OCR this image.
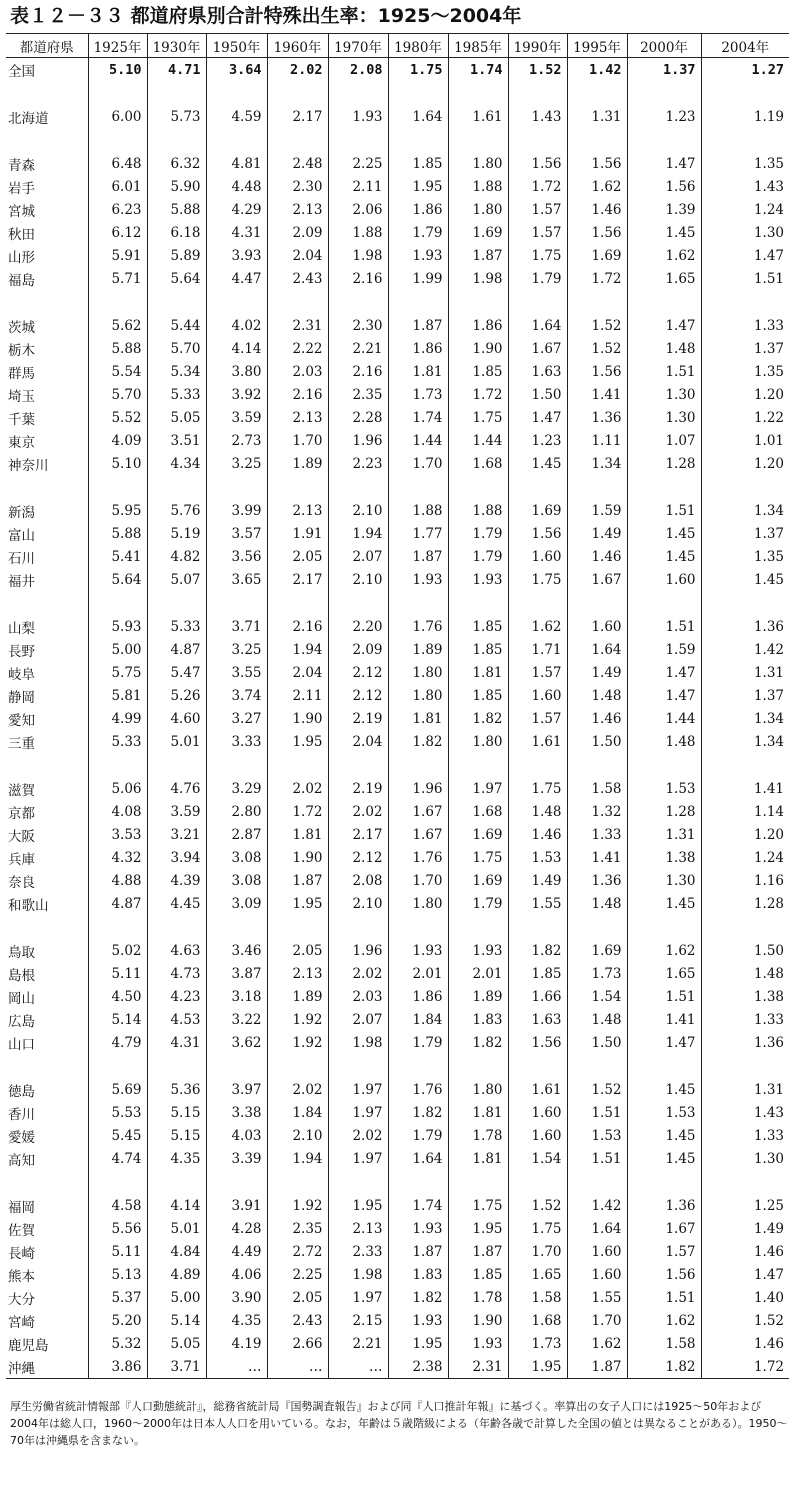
表１２－３３ 都道府県別合計特殊出生率：1925～2004年
都道府県	1925年	1930年	1950年	1960年	1970年	1980年	1985年	1990年	1995年	2000年	2004年
全国	5.10	4.71	3.64	2.02	2.08	1.75	1.74	1.52	1.42	1.37	1.27

北海道	6.00	5.73	4.59	2.17	1.93	1.64	1.61	1.43	1.31	1.23	1.19

青森	6.48	6.32	4.81	2.48	2.25	1.85	1.80	1.56	1.56	1.47	1.35
岩手	6.01	5.90	4.48	2.30	2.11	1.95	1.88	1.72	1.62	1.56	1.43
宮城	6.23	5.88	4.29	2.13	2.06	1.86	1.80	1.57	1.46	1.39	1.24
秋田	6.12	6.18	4.31	2.09	1.88	1.79	1.69	1.57	1.56	1.45	1.30
山形	5.91	5.89	3.93	2.04	1.98	1.93	1.87	1.75	1.69	1.62	1.47
福島	5.71	5.64	4.47	2.43	2.16	1.99	1.98	1.79	1.72	1.65	1.51

茨城	5.62	5.44	4.02	2.31	2.30	1.87	1.86	1.64	1.52	1.47	1.33
栃木	5.88	5.70	4.14	2.22	2.21	1.86	1.90	1.67	1.52	1.48	1.37
群馬	5.54	5.34	3.80	2.03	2.16	1.81	1.85	1.63	1.56	1.51	1.35
埼玉	5.70	5.33	3.92	2.16	2.35	1.73	1.72	1.50	1.41	1.30	1.20
千葉	5.52	5.05	3.59	2.13	2.28	1.74	1.75	1.47	1.36	1.30	1.22
東京	4.09	3.51	2.73	1.70	1.96	1.44	1.44	1.23	1.11	1.07	1.01
神奈川	5.10	4.34	3.25	1.89	2.23	1.70	1.68	1.45	1.34	1.28	1.20

新潟	5.95	5.76	3.99	2.13	2.10	1.88	1.88	1.69	1.59	1.51	1.34
富山	5.88	5.19	3.57	1.91	1.94	1.77	1.79	1.56	1.49	1.45	1.37
石川	5.41	4.82	3.56	2.05	2.07	1.87	1.79	1.60	1.46	1.45	1.35
福井	5.64	5.07	3.65	2.17	2.10	1.93	1.93	1.75	1.67	1.60	1.45

山梨	5.93	5.33	3.71	2.16	2.20	1.76	1.85	1.62	1.60	1.51	1.36
長野	5.00	4.87	3.25	1.94	2.09	1.89	1.85	1.71	1.64	1.59	1.42
岐阜	5.75	5.47	3.55	2.04	2.12	1.80	1.81	1.57	1.49	1.47	1.31
静岡	5.81	5.26	3.74	2.11	2.12	1.80	1.85	1.60	1.48	1.47	1.37
愛知	4.99	4.60	3.27	1.90	2.19	1.81	1.82	1.57	1.46	1.44	1.34
三重	5.33	5.01	3.33	1.95	2.04	1.82	1.80	1.61	1.50	1.48	1.34

滋賀	5.06	4.76	3.29	2.02	2.19	1.96	1.97	1.75	1.58	1.53	1.41
京都	4.08	3.59	2.80	1.72	2.02	1.67	1.68	1.48	1.32	1.28	1.14
大阪	3.53	3.21	2.87	1.81	2.17	1.67	1.69	1.46	1.33	1.31	1.20
兵庫	4.32	3.94	3.08	1.90	2.12	1.76	1.75	1.53	1.41	1.38	1.24
奈良	4.88	4.39	3.08	1.87	2.08	1.70	1.69	1.49	1.36	1.30	1.16
和歌山	4.87	4.45	3.09	1.95	2.10	1.80	1.79	1.55	1.48	1.45	1.28

鳥取	5.02	4.63	3.46	2.05	1.96	1.93	1.93	1.82	1.69	1.62	1.50
島根	5.11	4.73	3.87	2.13	2.02	2.01	2.01	1.85	1.73	1.65	1.48
岡山	4.50	4.23	3.18	1.89	2.03	1.86	1.89	1.66	1.54	1.51	1.38
広島	5.14	4.53	3.22	1.92	2.07	1.84	1.83	1.63	1.48	1.41	1.33
山口	4.79	4.31	3.62	1.92	1.98	1.79	1.82	1.56	1.50	1.47	1.36

徳島	5.69	5.36	3.97	2.02	1.97	1.76	1.80	1.61	1.52	1.45	1.31
香川	5.53	5.15	3.38	1.84	1.97	1.82	1.81	1.60	1.51	1.53	1.43
愛媛	5.45	5.15	4.03	2.10	2.02	1.79	1.78	1.60	1.53	1.45	1.33
高知	4.74	4.35	3.39	1.94	1.97	1.64	1.81	1.54	1.51	1.45	1.30

福岡	4.58	4.14	3.91	1.92	1.95	1.74	1.75	1.52	1.42	1.36	1.25
佐賀	5.56	5.01	4.28	2.35	2.13	1.93	1.95	1.75	1.64	1.67	1.49
長崎	5.11	4.84	4.49	2.72	2.33	1.87	1.87	1.70	1.60	1.57	1.46
熊本	5.13	4.89	4.06	2.25	1.98	1.83	1.85	1.65	1.60	1.56	1.47
大分	5.37	5.00	3.90	2.05	1.97	1.82	1.78	1.58	1.55	1.51	1.40
宮崎	5.20	5.14	4.35	2.43	2.15	1.93	1.90	1.68	1.70	1.62	1.52
鹿児島	5.32	5.05	4.19	2.66	2.21	1.95	1.93	1.73	1.62	1.58	1.46
沖縄	3.86	3.71	…	…	…	2.38	2.31	1.95	1.87	1.82	1.72
厚生労働省統計情報部『人口動態統計』，総務省統計局『国勢調査報告』および同『人口推計年報』に基づく。率算出の女子人口には1925～50年および2004年は総人口，1960～2000年は日本人人口を用いている。なお，年齢は５歳階級による（年齢各歳で計算した全国の値とは異なることがある）。1950～70年は沖縄県を含まない。
